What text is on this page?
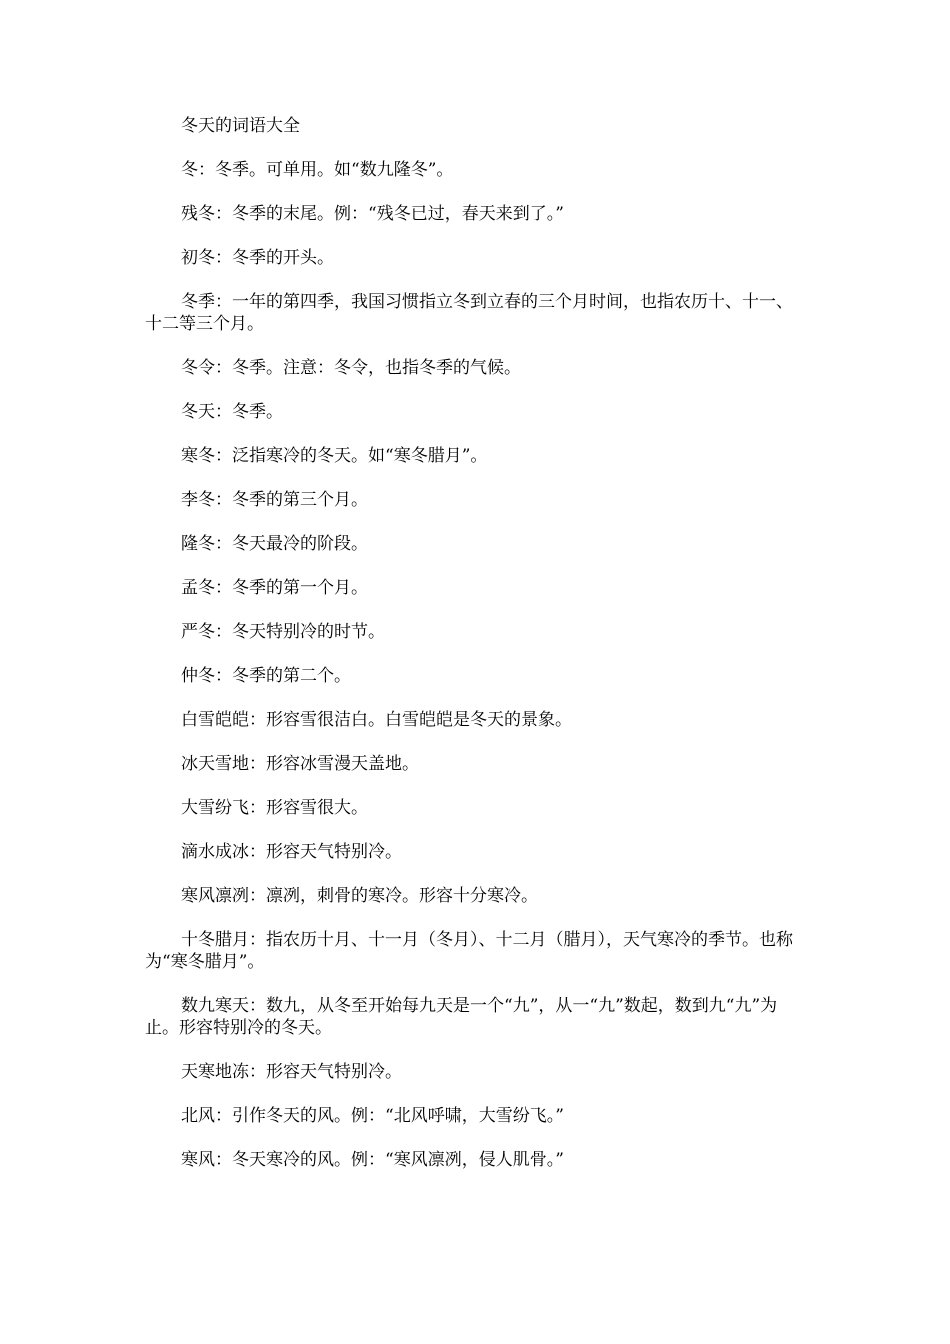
冬天的词语大全

冬：冬季。可单用。如“数九隆冬”。

残冬：冬季的末尾。例：“残冬已过，春天来到了。”

初冬：冬季的开头。

冬季：一年的第四季，我国习惯指立冬到立春的三个月时间，也指农历十、十一、十二等三个月。

冬令：冬季。注意：冬令，也指冬季的气候。

冬天：冬季。

寒冬：泛指寒冷的冬天。如“寒冬腊月”。

李冬：冬季的第三个月。

隆冬：冬天最冷的阶段。

孟冬：冬季的第一个月。

严冬：冬天特别冷的时节。

仲冬：冬季的第二个。

白雪皑皑：形容雪很洁白。白雪皑皑是冬天的景象。

冰天雪地：形容冰雪漫天盖地。

大雪纷飞：形容雪很大。

滴水成冰：形容天气特别冷。

寒风凛冽：凛冽，刺骨的寒冷。形容十分寒冷。

十冬腊月：指农历十月、十一月（冬月）、十二月（腊月），天气寒冷的季节。也称为“寒冬腊月”。

数九寒天：数九，从冬至开始每九天是一个“九”，从一“九”数起，数到九“九”为止。形容特别冷的冬天。

天寒地冻：形容天气特别冷。

北风：引作冬天的风。例：“北风呼啸，大雪纷飞。”

寒风：冬天寒冷的风。例：“寒风凛冽，侵人肌骨。”
